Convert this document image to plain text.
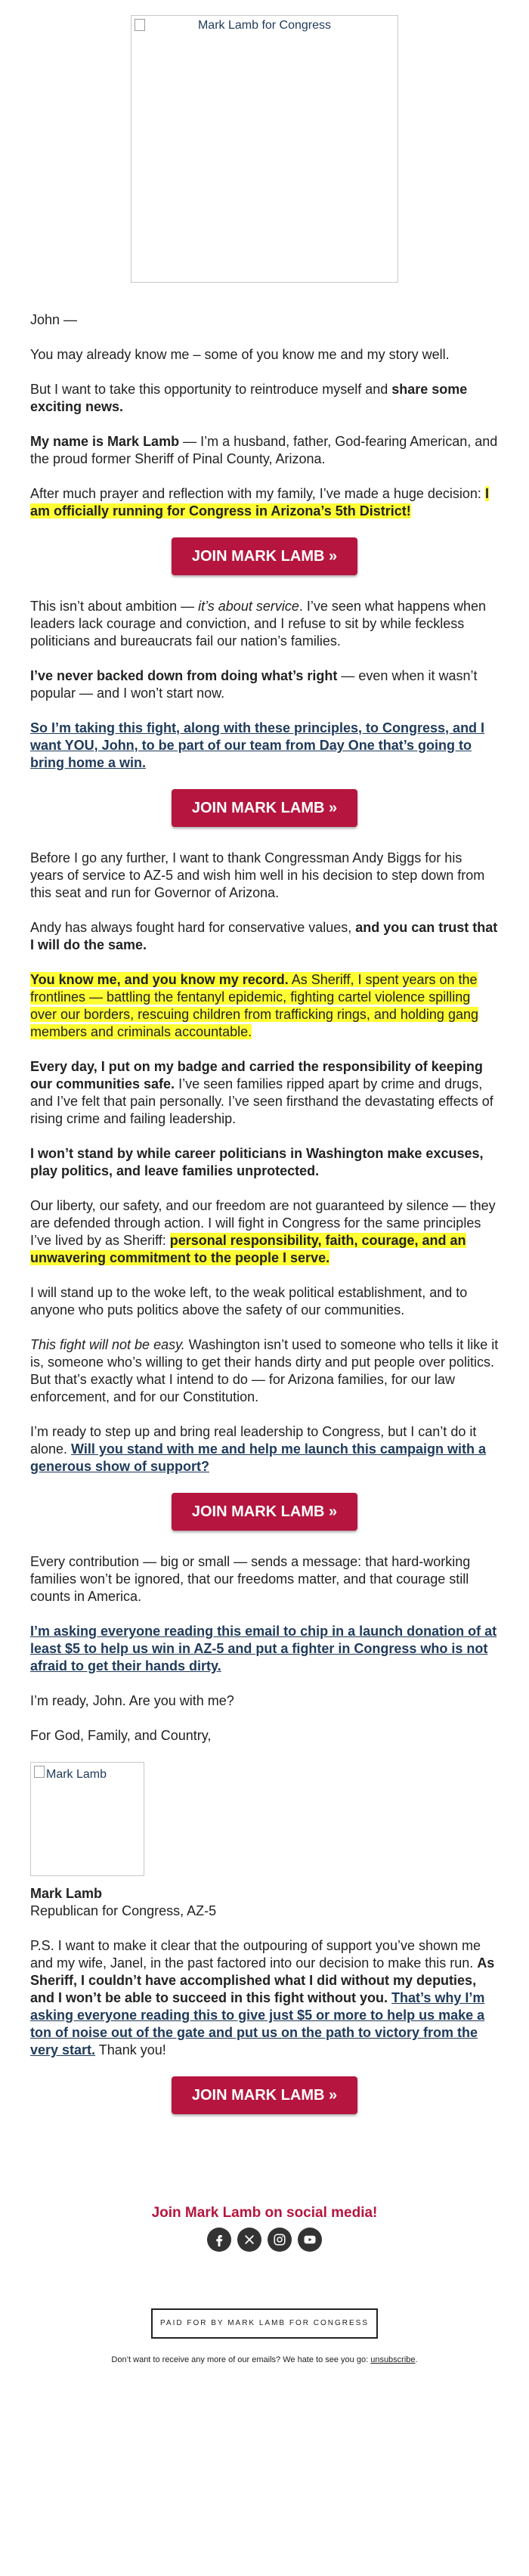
Mark Lamb for Congress

John —

You may already know me – some of you know me and my story well.

But I want to take this opportunity to reintroduce myself and share some exciting news.

My name is Mark Lamb — I’m a husband, father, God-fearing American, and the proud former Sheriff of Pinal County, Arizona.

After much prayer and reflection with my family, I’ve made a huge decision: I am officially running for Congress in Arizona’s 5th District!

JOIN MARK LAMB »

This isn’t about ambition — it’s about service. I’ve seen what happens when leaders lack courage and conviction, and I refuse to sit by while feckless politicians and bureaucrats fail our nation’s families.

I’ve never backed down from doing what’s right — even when it wasn’t popular — and I won’t start now.

So I’m taking this fight, along with these principles, to Congress, and I want YOU, John, to be part of our team from Day One that’s going to bring home a win.

JOIN MARK LAMB »

Before I go any further, I want to thank Congressman Andy Biggs for his years of service to AZ-5 and wish him well in his decision to step down from this seat and run for Governor of Arizona.

Andy has always fought hard for conservative values, and you can trust that I will do the same.

You know me, and you know my record. As Sheriff, I spent years on the frontlines — battling the fentanyl epidemic, fighting cartel violence spilling over our borders, rescuing children from trafficking rings, and holding gang members and criminals accountable.

Every day, I put on my badge and carried the responsibility of keeping our communities safe. I’ve seen families ripped apart by crime and drugs, and I’ve felt that pain personally. I’ve seen firsthand the devastating effects of rising crime and failing leadership.

I won’t stand by while career politicians in Washington make excuses, play politics, and leave families unprotected.

Our liberty, our safety, and our freedom are not guaranteed by silence — they are defended through action. I will fight in Congress for the same principles I’ve lived by as Sheriff: personal responsibility, faith, courage, and an unwavering commitment to the people I serve.

I will stand up to the woke left, to the weak political establishment, and to anyone who puts politics above the safety of our communities.

This fight will not be easy. Washington isn’t used to someone who tells it like it is, someone who’s willing to get their hands dirty and put people over politics. But that’s exactly what I intend to do — for Arizona families, for our law enforcement, and for our Constitution.

I’m ready to step up and bring real leadership to Congress, but I can’t do it alone. Will you stand with me and help me launch this campaign with a generous show of support?

JOIN MARK LAMB »

Every contribution — big or small — sends a message: that hard-working families won’t be ignored, that our freedoms matter, and that courage still counts in America.

I’m asking everyone reading this email to chip in a launch donation of at least $5 to help us win in AZ-5 and put a fighter in Congress who is not afraid to get their hands dirty.

I’m ready, John. Are you with me?

For God, Family, and Country,

Mark Lamb
Mark Lamb
Republican for Congress, AZ-5

P.S. I want to make it clear that the outpouring of support you’ve shown me and my wife, Janel, in the past factored into our decision to make this run. As Sheriff, I couldn’t have accomplished what I did without my deputies, and I won’t be able to succeed in this fight without you. That’s why I’m asking everyone reading this to give just $5 or more to help us make a ton of noise out of the gate and put us on the path to victory from the very start. Thank you!

JOIN MARK LAMB »
Join Mark Lamb on social media!
PAID FOR BY MARK LAMB FOR CONGRESS
Don’t want to receive any more of our emails? We hate to see you go: unsubscribe.
